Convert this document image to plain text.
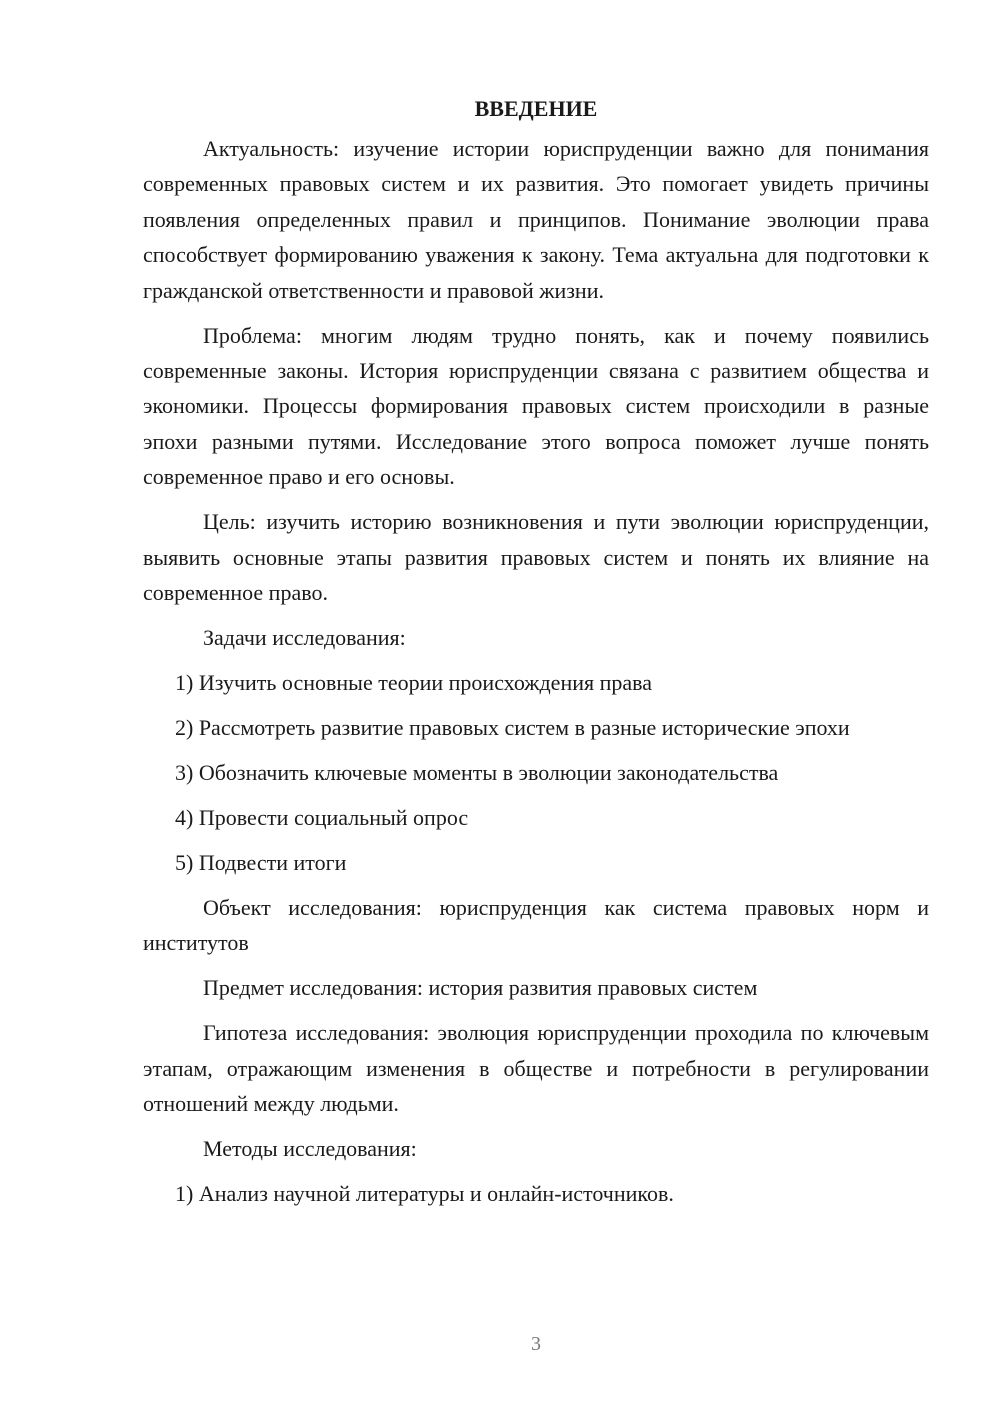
ВВЕДЕНИЕ

Актуальность: изучение истории юриспруденции важно для понимания современных правовых систем и их развития. Это помогает увидеть причины появления определенных правил и принципов. Понимание эволюции права способствует формированию уважения к закону. Тема актуальна для подготовки к гражданской ответственности и правовой жизни.

Проблема: многим людям трудно понять, как и почему появились современные законы. История юриспруденции связана с развитием общества и экономики. Процессы формирования правовых систем происходили в разные эпохи разными путями. Исследование этого вопроса поможет лучше понять современное право и его основы.

Цель: изучить историю возникновения и пути эволюции юриспруденции, выявить основные этапы развития правовых систем и понять их влияние на современное право.

Задачи исследования:

1) Изучить основные теории происхождения права

2) Рассмотреть развитие правовых систем в разные исторические эпохи

3) Обозначить ключевые моменты в эволюции законодательства

4) Провести социальный опрос

5) Подвести итоги

Объект исследования: юриспруденция как система правовых норм и институтов

Предмет исследования: история развития правовых систем

Гипотеза исследования: эволюция юриспруденции проходила по ключевым этапам, отражающим изменения в обществе и потребности в регулировании отношений между людьми.

Методы исследования:

1) Анализ научной литературы и онлайн-источников.

3
